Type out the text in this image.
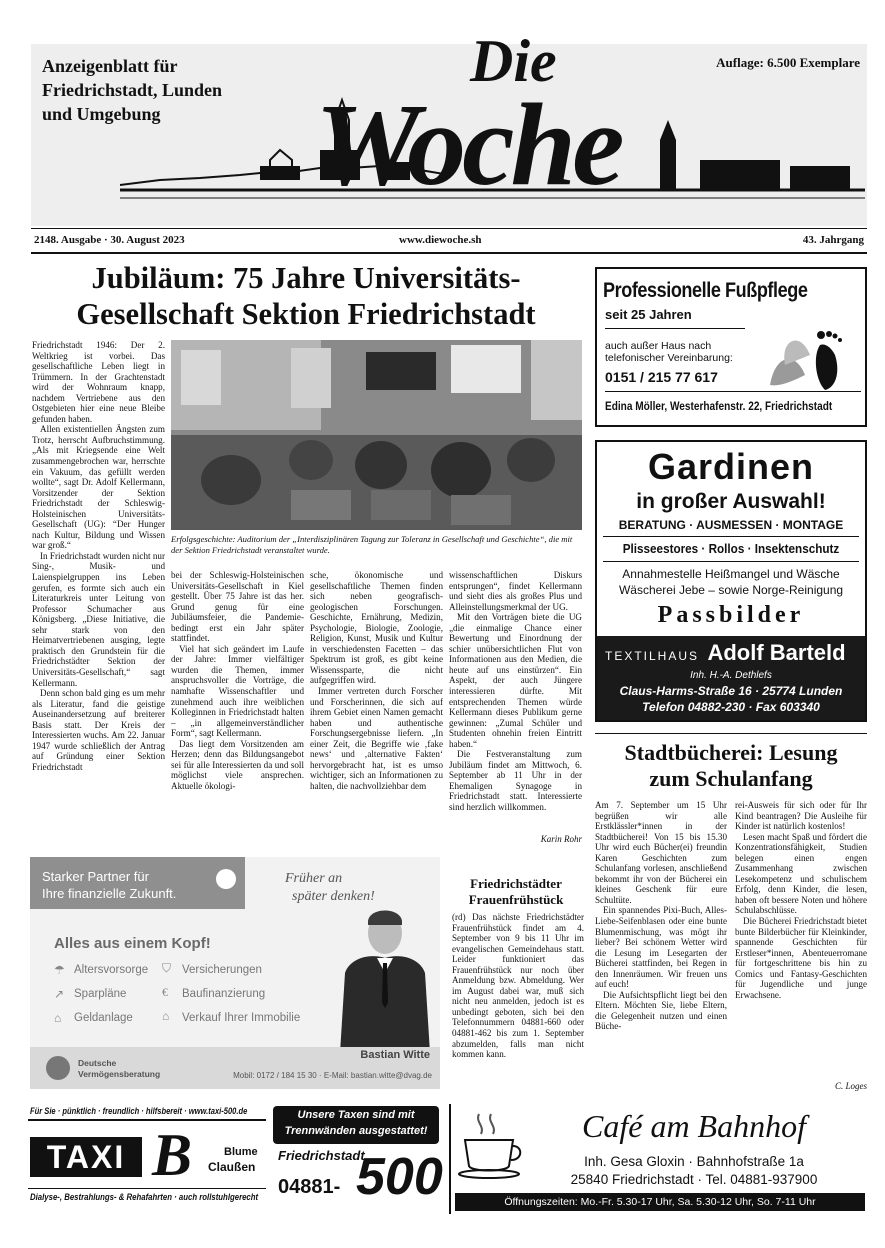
Anzeigenblatt für
Friedrichstadt, Lunden
und Umgebung
Auflage: 6.500 Exemplare
Die
Woche
2148. Ausgabe · 30. August 2023	www.diewoche.sh	43. Jahrgang
Jubiläum: 75 Jahre Universitäts-
Gesellschaft Sektion Friedrichstadt

Friedrichstadt 1946: Der 2. Weltkrieg ist vorbei. Das gesellschaftliche Leben liegt in Trümmern. In der Grachtenstadt wird der Wohnraum knapp, nachdem Vertriebene aus den Ostgebieten hier eine neue Bleibe gefunden haben.

Allen existentiellen Ängsten zum Trotz, herrscht Aufbruchstimmung. „Als mit Kriegsende eine Welt zusammengebrochen war, herrschte ein Vakuum, das gefüllt werden wollte“, sagt Dr. Adolf Kellermann, Vorsitzender der Sektion Friedrichstadt der Schleswig-Holsteinischen Universitäts-Gesellschaft (UG): “Der Hunger nach Kultur, Bildung und Wissen war groß.“

In Friedrichstadt wurden nicht nur Sing-, Musik- und Laienspielgruppen ins Leben gerufen, es formte sich auch ein Literaturkreis unter Leitung von Professor Schumacher aus Königsberg. „Diese Initiative, die sehr stark von den Heimatvertriebenen ausging, legte praktisch den Grundstein für die Friedrichstädter Sektion der Universitäts-Gesellschaft,“ sagt Kellermann.

Denn schon bald ging es um mehr als Literatur, fand die geistige Auseinandersetzung auf breiterer Basis statt. Der Kreis der Interessierten wuchs. Am 22. Januar 1947 wurde schließlich der Antrag auf Gründung einer Sektion Friedrichstadt

Erfolgsgeschichte: Auditorium der „Interdisziplinären Tagung zur Toleranz in Gesellschaft und Geschichte“, die mit der Sektion Friedrichstadt veranstaltet wurde.

bei der Schleswig-Holsteinischen Universitäts-Gesellschaft in Kiel gestellt. Über 75 Jahre ist das her. Grund genug für eine Jubiläumsfeier, die Pandemie-bedingt erst ein Jahr später stattfindet.

Viel hat sich geändert im Laufe der Jahre: Immer vielfältiger wurden die Themen, immer anspruchsvoller die Vorträge, die namhafte Wissenschaftler und zunehmend auch ihre weiblichen Kolleginnen in Friedrichstadt halten – „in allgemeinverständlicher Form“, sagt Kellermann.

Das liegt dem Vorsitzenden am Herzen; denn das Bildungsangebot sei für alle Interessierten da und soll möglichst viele ansprechen. Aktuelle ökologi-

sche, ökonomische und gesellschaftliche Themen finden sich neben geografisch-geologischen Forschungen. Geschichte, Ernährung, Medizin, Psychologie, Biologie, Zoologie, Religion, Kunst, Musik und Kultur in verschiedensten Facetten – das Spektrum ist groß, es gibt keine Wissenssparte, die nicht aufgegriffen wird.

Immer vertreten durch Forscher und Forscherinnen, die sich auf ihrem Gebiet einen Namen gemacht haben und authentische Forschungsergebnisse liefern. „In einer Zeit, die Begriffe wie ‚fake news‘ und ‚alternative Fakten‘ hervorgebracht hat, ist es umso wichtiger, sich an Informationen zu halten, die nachvollziehbar dem

wissenschaftlichen Diskurs entsprungen“, findet Kellermann und sieht dies als großes Plus und Alleinstellungsmerkmal der UG.

Mit den Vorträgen biete die UG „die einmalige Chance einer Bewertung und Einordnung der schier unübersichtlichen Flut von Informationen aus den Medien, die heute auf uns einstürzen“. Ein Aspekt, der auch Jüngere interessieren dürfte. Mit entsprechenden Themen würde Kellermann dieses Publikum gerne gewinnen: „Zumal Schüler und Studenten ohnehin freien Eintritt haben.“

Die Festveranstaltung zum Jubiläum findet am Mittwoch, 6. September ab 11 Uhr in der Ehemaligen Synagoge in Friedrichstadt statt. Interessierte sind herzlich willkommen.

Karin Rohr
Professionelle Fußpflege
seit 25 Jahren
auch außer Haus nach
telefonischer Vereinbarung:
0151 / 215 77 617
Edina Möller, Westerhafenstr. 22, Friedrichstadt
Gardinen
in großer Auswahl!
BERATUNG · AUSMESSEN · MONTAGE
Plisseestores · Rollos · Insektenschutz
Annahmestelle Heißmangel und Wäsche
Wäscherei Jebe – sowie Norge-Reinigung
Passbilder
TEXTILHAUS Adolf Barteld
Inh. H.-A. Dethlefs
Claus-Harms-Straße 16 · 25774 Lunden
Telefon 04882-230 · Fax 603340
Stadtbücherei: Lesung
zum Schulanfang

Am 7. September um 15 Uhr begrüßen wir alle Erstklässler*innen in der Stadtbücherei! Von 15 bis 15.30 Uhr wird euch Bücher(ei) freundin Karen Geschichten zum Schulanfang vorlesen, anschließend bekommt ihr von der Bücherei ein kleines Geschenk für eure Schultüte.

Ein spannendes Pixi-Buch, Alles-Liebe-Seifenblasen oder eine bunte Blumenmischung, was mögt ihr lieber? Bei schönem Wetter wird die Lesung im Lesegarten der Bücherei stattfinden, bei Regen in den Innenräumen. Wir freuen uns auf euch!

Die Aufsichtspflicht liegt bei den Eltern. Möchten Sie, liebe Eltern, die Gelegenheit nutzen und einen Büche-

rei-Ausweis für sich oder für Ihr Kind beantragen? Die Ausleihe für Kinder ist natürlich kostenlos!

Lesen macht Spaß und fördert die Konzentrationsfähigkeit, Studien belegen einen engen Zusammenhang zwischen Lesekompetenz und schulischem Erfolg, denn Kinder, die lesen, haben oft bessere Noten und höhere Schulabschlüsse.

Die Bücherei Friedrichstadt bietet bunte Bilderbücher für Kleinkinder, spannende Geschichten für Erstleser*innen, Abenteuerromane für fortgeschrittene bis hin zu Comics und Fantasy-Geschichten für Jugendliche und junge Erwachsene.

C. Loges
Starker Partner für
Ihre finanzielle Zukunft.
Früher an
später denken!
Alles aus einem Kopf!
☂ Altersvorsorge ⛉ Versicherungen
↗ Sparpläne	€ Baufinanzierung
⌂ Geldanlage ⌂ Verkauf Ihrer Immobilie
Deutsche
Vermögensberatung
Bastian Witte
Mobil: 0172 / 184 15 30 · E-Mail: bastian.witte@dvag.de
Friedrichstädter
Frauenfrühstück

(rd) Das nächste Friedrichstädter Frauenfrühstück findet am 4. September von 9 bis 11 Uhr im evangelischen Gemeindehaus statt. Leider funktioniert das Frauenfrühstück nur noch über Anmeldung bzw. Abmeldung. Wer im August dabei war, muß sich nicht neu anmelden, jedoch ist es unbedingt geboten, sich bei den Telefonnummern 04881-660 oder 04881-462 bis zum 1. September abzumelden, falls man nicht kommen kann.

Für Sie · pünktlich · freundlich · hilfsbereit · www.taxi-500.de
TAXI B	Blume
Claußen
Dialyse-, Bestrahlungs- & Rehafahrten · auch rollstuhlgerecht
Unsere Taxen sind mit
Trennwänden ausgestattet!
Friedrichstadt
04881- 500
Café am Bahnhof
Inh. Gesa Gloxin · Bahnhofstraße 1a
25840 Friedrichstadt · Tel. 04881-937900
Öffnungszeiten: Mo.-Fr. 5.30-17 Uhr, Sa. 5.30-12 Uhr, So. 7-11 Uhr
